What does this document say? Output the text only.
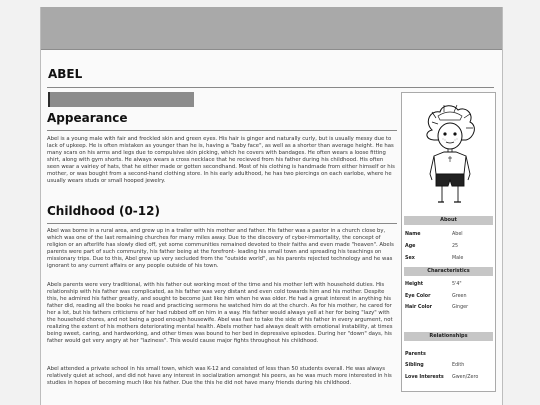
ABEL
Appearance

Abel is a young male with fair and freckled skin and green eyes. His hair is ginger and naturally curly, but is usually messy due to lack of upkeep. He is often mistaken as younger than he is, having a "baby face", as well as a shorter than average height. He has many scars on his arms and legs due to compulsive skin picking, which he covers with bandages. He often wears a loose fitting shirt, along with gym shorts. He always wears a cross necklace that he recieved from his father during his childhood. His often seen wear a vairiey of hats, that he either made or gotten secondhand. Most of his clothing is handmade from either himself or his mother, or was bought from a second-hand clothing store. In his early adulthood, he has two piercings on each earlobe, where he usually wears studs or small hooped jewelry.

Childhood (0-12)

Abel was borne in a rural area, and grew up in a trailer with his mother and father. His father was a pastor in a church close by, which was one of the last remaining churches for many miles away. Due to the discovery of cyber-immortality, the concept of religion or an afterlife has slowly died off, yet some communities remained devoted to their faiths and even made "heaven". Abels parents were part of such community, his father being at the forefront- leading his small town and spreading his teachings on missionary trips. Due to this, Abel grew up very secluded from the "outside world", as his parents rejected technology and he was ignorant to any current affairs or any people outside of his town.

Abels parents were very traditional, with his father out working most of the time and his mother left with household duties. His relationship with his father was complicated, as his father was very distant and even cold towards him and his mother. Despite this, he admired his father greatly, and sought to become just like him when he was older. He had a great interest in anything his father did, reading all the books he read and practicing sermons he watched him do at the church. As for his mother, he cared for her a lot, but his fathers criticisms of her had rubbed off on him in a way. His father would always yell at her for being "lazy" with the household chores, and not being a good enough housewife. Abel was fast to take the side of his father in every argument, not realizing the extent of his mothers deteriorating mental health. Abels mother had always dealt with emotional instability, at times being sweet, caring, and hardworking, and other times was bound to her bed in depressive episodes. During her "down" days, his father would get very angry at her "laziness". This would cause major fights throughout his childhood.

Abel attended a private school in his small town, which was K-12 and consisted of less than 50 students overall. He was always relatively quiet at school, and did not have any interest in socialization amongst his peers, as he was much more interested in his studies in hopes of becoming much like his father. Due the this he did not have many friends during his childhood.

About
Name	Abel
Age	25
Sex	Male
Characteristics
Height	5'4"
Eye Color	Green
Hair Color	Ginger
Relationships
Parents
Sibling	Edith
Love Interests Gwen/Zero
